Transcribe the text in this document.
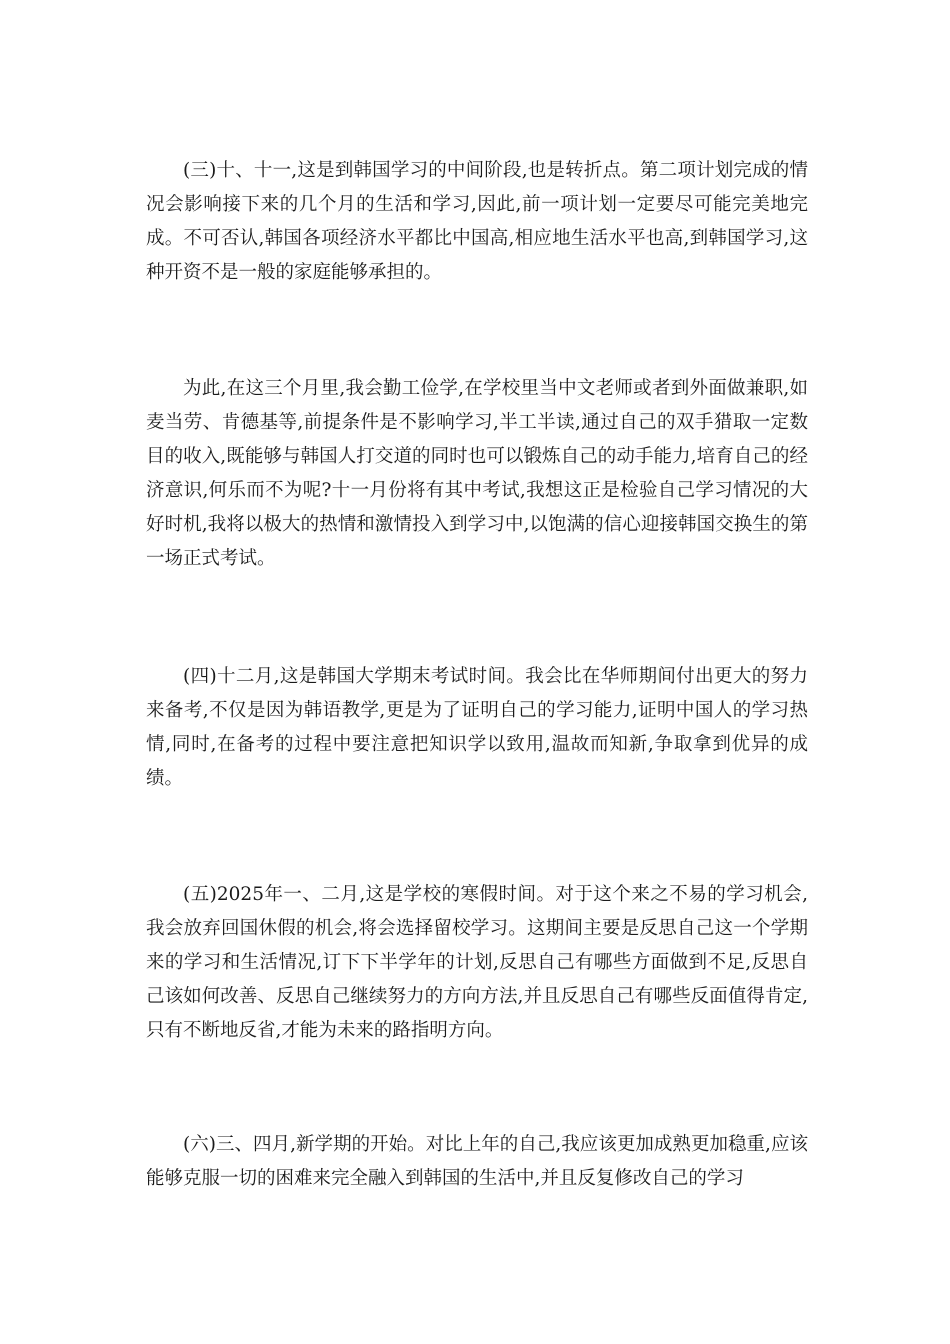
(三)十、十一,这是到韩国学习的中间阶段,也是转折点。第二项计划完成的情况会影响接下来的几个月的生活和学习,因此,前一项计划一定要尽可能完美地完成。不可否认,韩国各项经济水平都比中国高,相应地生活水平也高,到韩国学习,这种开资不是一般的家庭能够承担的。

为此,在这三个月里,我会勤工俭学,在学校里当中文老师或者到外面做兼职,如麦当劳、肯德基等,前提条件是不影响学习,半工半读,通过自己的双手猎取一定数目的收入,既能够与韩国人打交道的同时也可以锻炼自己的动手能力,培育自己的经济意识,何乐而不为呢?十一月份将有其中考试,我想这正是检验自己学习情况的大好时机,我将以极大的热情和激情投入到学习中,以饱满的信心迎接韩国交换生的第一场正式考试。

(四)十二月,这是韩国大学期末考试时间。我会比在华师期间付出更大的努力来备考,不仅是因为韩语教学,更是为了证明自己的学习能力,证明中国人的学习热情,同时,在备考的过程中要注意把知识学以致用,温故而知新,争取拿到优异的成绩。

(五)2025年一、二月,这是学校的寒假时间。对于这个来之不易的学习机会,我会放弃回国休假的机会,将会选择留校学习。这期间主要是反思自己这一个学期来的学习和生活情况,订下下半学年的计划,反思自己有哪些方面做到不足,反思自己该如何改善、反思自己继续努力的方向方法,并且反思自己有哪些反面值得肯定,只有不断地反省,才能为未来的路指明方向。

(六)三、四月,新学期的开始。对比上年的自己,我应该更加成熟更加稳重,应该能够克服一切的困难来完全融入到韩国的生活中,并且反复修改自己的学习
